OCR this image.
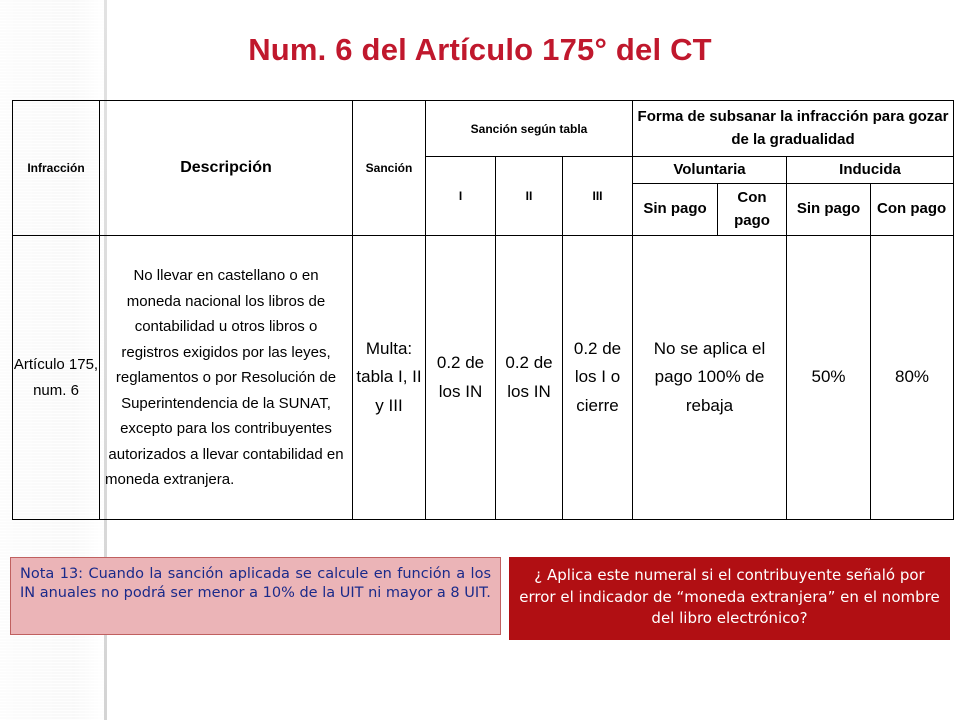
Num. 6 del Artículo 175° del CT
Infracción	Descripción	Sanción	Sanción según tabla			Forma de subsanar la infracción para gozar de la gradualidad			
			I	II	III	Voluntaria		Inducida	
						Sin pago	Con pago	Sin pago	Con pago
Artículo 175, num. 6	No llevar en castellano o en moneda nacional los libros de contabilidad u otros libros o registros exigidos por las leyes, reglamentos o por Resolución de Superintendencia de la SUNAT, excepto para los contribuyentes autorizados a llevar contabilidad en moneda extranjera.	Multa: tabla I, II y III	0.2 de los IN	0.2 de los IN	0.2 de los I o cierre	No se aplica el pago 100% de rebaja		50%	80%
Nota 13: Cuando la sanción aplicada se calcule en función a los IN anuales no podrá ser menor a 10% de la UIT ni mayor a 8 UIT.
¿ Aplica este numeral si el contribuyente señaló por error el indicador de “moneda extranjera” en el nombre del libro electrónico?
